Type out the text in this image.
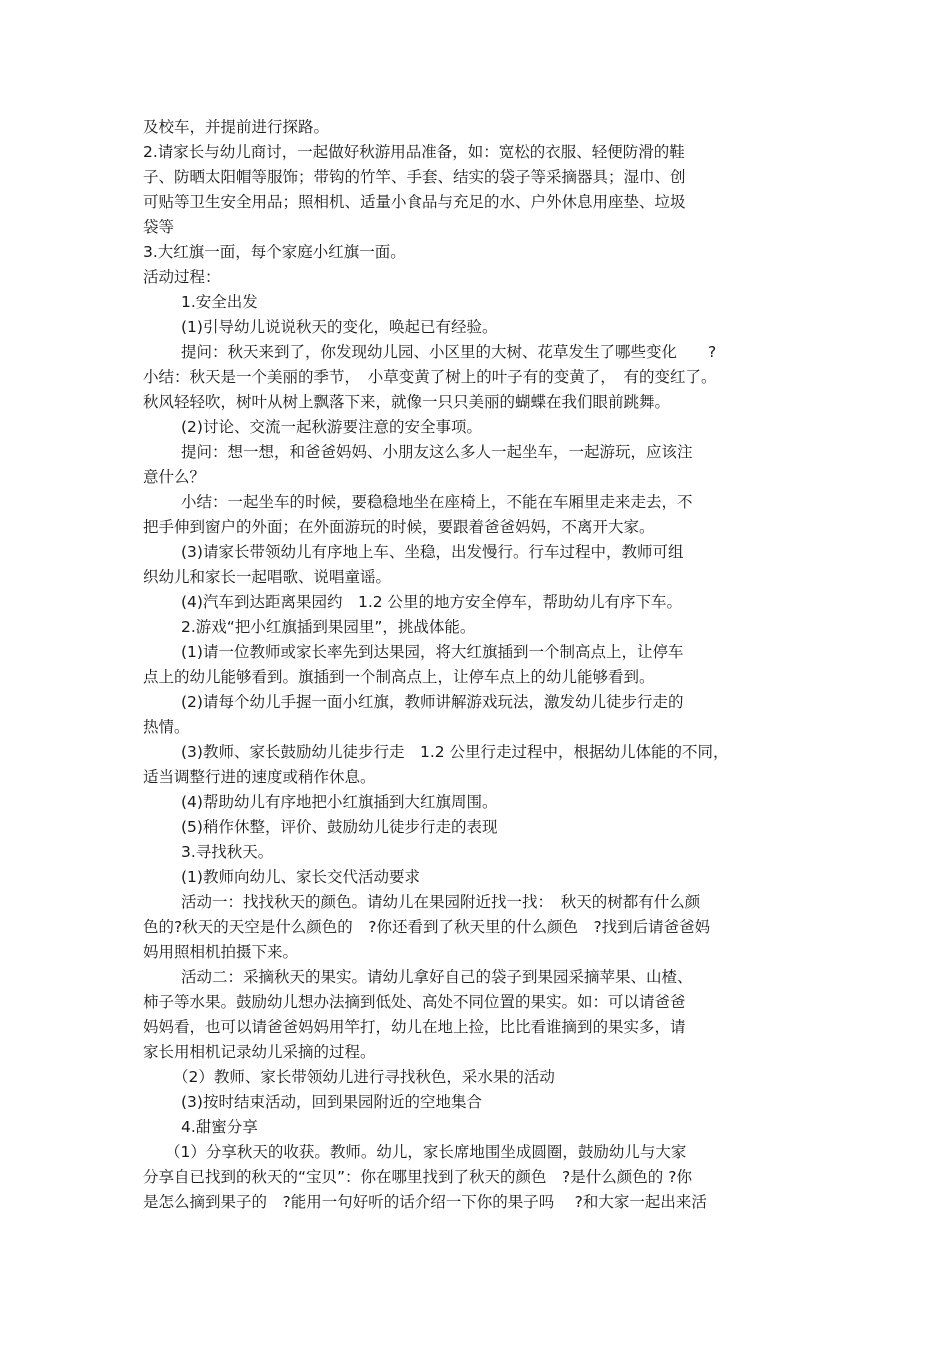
及校车，并提前进行探路。
2.请家长与幼儿商讨，一起做好秋游用品准备，如：宽松的衣服、轻便防滑的鞋
子、防晒太阳帽等服饰；带钩的竹竿、手套、结实的袋子等采摘器具；湿巾、创
可贴等卫生安全用品；照相机、适量小食品与充足的水、户外休息用座垫、垃圾
袋等
3.大红旗一面，每个家庭小红旗一面。
活动过程：
1.安全出发
(1)引导幼儿说说秋天的变化，唤起已有经验。
提问：秋天来到了，你发现幼儿园、小区里的大树、花草发生了哪些变化　　?
小结：秋天是一个美丽的季节，　小草变黄了树上的叶子有的变黄了，　有的变红了。
秋风轻轻吹，树叶从树上飘落下来，就像一只只美丽的蝴蝶在我们眼前跳舞。
(2)讨论、交流一起秋游要注意的安全事项。
提问：想一想，和爸爸妈妈、小朋友这么多人一起坐车，一起游玩，应该注
意什么？
小结：一起坐车的时候，要稳稳地坐在座椅上，不能在车厢里走来走去，不
把手伸到窗户的外面；在外面游玩的时候，要跟着爸爸妈妈，不离开大家。
(3)请家长带领幼儿有序地上车、坐稳，出发慢行。行车过程中，教师可组
织幼儿和家长一起唱歌、说唱童谣。
(4)汽车到达距离果园约　1.2 公里的地方安全停车，帮助幼儿有序下车。
2.游戏“把小红旗插到果园里”，挑战体能。
(1)请一位教师或家长率先到达果园，将大红旗插到一个制高点上，让停车
点上的幼儿能够看到。旗插到一个制高点上，让停车点上的幼儿能够看到。
(2)请每个幼儿手握一面小红旗，教师讲解游戏玩法，激发幼儿徒步行走的
热情。
(3)教师、家长鼓励幼儿徒步行走　1.2 公里行走过程中，根据幼儿体能的不同，
适当调整行进的速度或稍作休息。
(4)帮助幼儿有序地把小红旗插到大红旗周围。
(5)稍作休整，评价、鼓励幼儿徒步行走的表现
3.寻找秋天。
(1)教师向幼儿、家长交代活动要求
活动一：找找秋天的颜色。请幼儿在果园附近找一找：　秋天的树都有什么颜
色的?秋天的天空是什么颜色的　?你还看到了秋天里的什么颜色　?找到后请爸爸妈
妈用照相机拍摄下来。
活动二：采摘秋天的果实。请幼儿拿好自己的袋子到果园采摘苹果、山楂、
柿子等水果。鼓励幼儿想办法摘到低处、高处不同位置的果实。如：可以请爸爸
妈妈看，也可以请爸爸妈妈用竿打，幼儿在地上捡，比比看谁摘到的果实多，请
家长用相机记录幼儿采摘的过程。
（2）教师、家长带领幼儿进行寻找秋色，采水果的活动
(3)按时结束活动，回到果园附近的空地集合
4.甜蜜分享
（1）分享秋天的收获。教师。幼儿，家长席地围坐成圆圈，鼓励幼儿与大家
分享自已找到的秋天的“宝贝”：你在哪里找到了秋天的颜色　?是什么颜色的 ?你
是怎么摘到果子的　?能用一句好听的话介绍一下你的果子吗　 ?和大家一起出来活
